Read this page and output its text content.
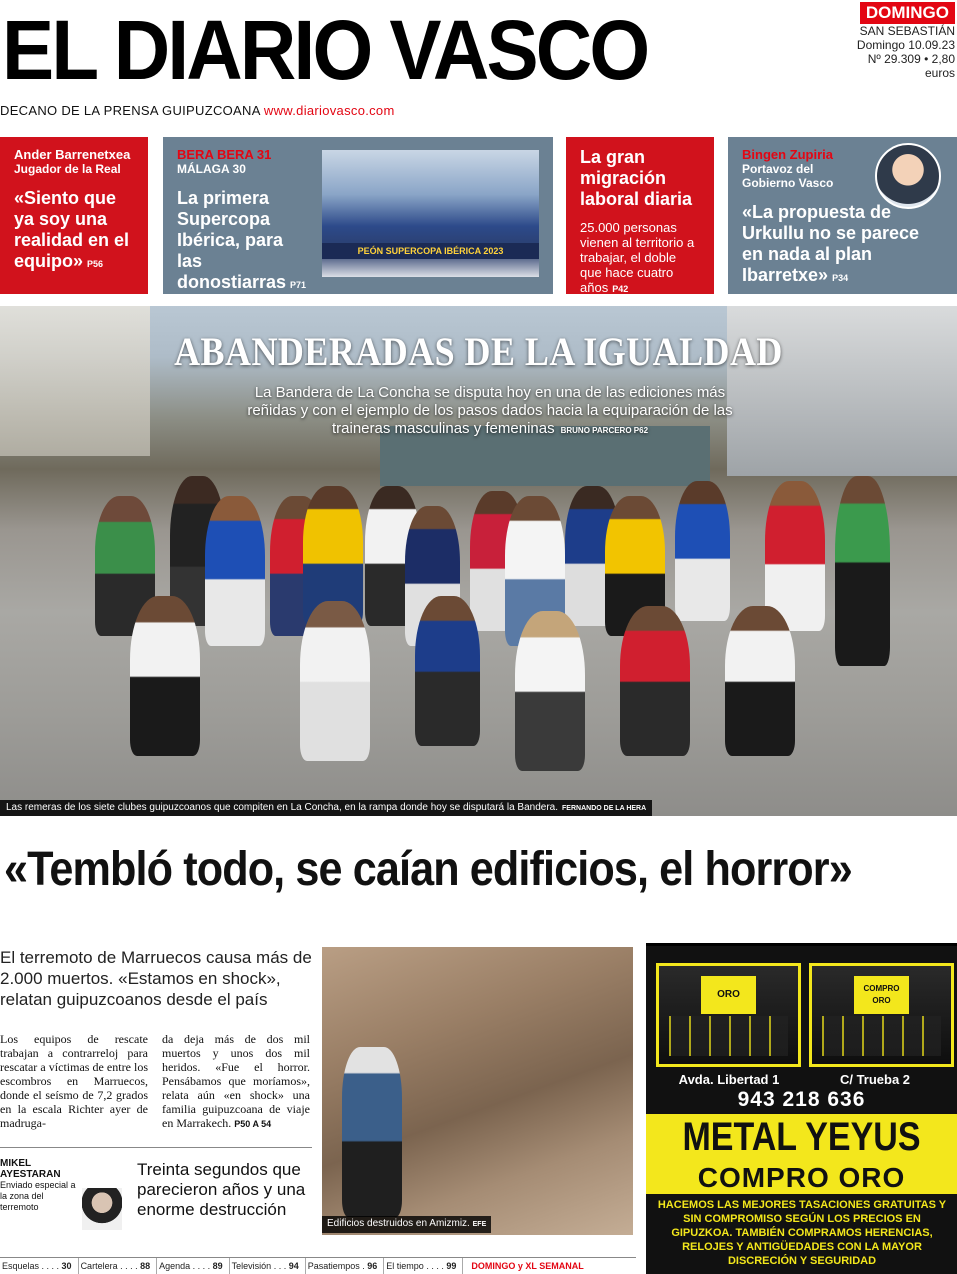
EL DIARIO VASCO	DOMINGO
SAN SEBASTIÁN
Domingo 10.09.23
Nº 29.309 • 2,80 euros
DECANO DE LA PRENSA GUIPUZCOANA www.diariovasco.com
Ander Barrenetxea
Jugador de la Real
«Siento que ya soy una realidad en el equipo» P56
BERA BERA 31
MÁLAGA 30
La primera Supercopa Ibérica, para las donostiarras P71
PEÓN SUPERCOPA IBÉRICA 2023
La gran migración laboral diaria
25.000 personas vienen al territorio a trabajar, el doble que hace cuatro años P42
Bingen Zupiria
Portavoz del Gobierno Vasco
«La propuesta de Urkullu no se parece en nada al plan Ibarretxe» P34
ABANDERADAS DE LA IGUALDAD
La Bandera de La Concha se disputa hoy en una de las ediciones más reñidas y con el ejemplo de los pasos dados hacia la equiparación de las traineras masculinas y femeninas BRUNO PARCERO P62
Las remeras de los siete clubes guipuzcoanos que compiten en La Concha, en la rampa donde hoy se disputará la Bandera. FERNANDO DE LA HERA
«Tembló todo, se caían edificios, el horror»
El terremoto de Marruecos causa más de 2.000 muertos. «Estamos en shock», relatan guipuzcoanos desde el país
Los equipos de rescate trabajan a contrarreloj para rescatar a víctimas de entre los escombros en Marruecos, donde el seísmo de 7,2 grados en la escala Richter ayer de madruga-
da deja más de dos mil muertos y unos dos mil heridos. «Fue el horror. Pensábamos que moríamos», relata aún «en shock» una familia guipuzcoana de viaje en Marrakech. P50 A 54
MIKEL
AYESTARAN
Enviado especial a la zona del terremoto
Treinta segundos que parecieron años y una enorme destrucción
Edificios destruidos en Amizmiz. EFE
ORO
COMPRO ORO
Avda. Libertad 1	C/ Trueba 2
943 218 636
METAL YEYUS
COMPRO ORO
HACEMOS LAS MEJORES TASACIONES GRATUITAS Y SIN COMPROMISO SEGÚN LOS PRECIOS EN GIPUZKOA. TAMBIÉN COMPRAMOS HERENCIAS, RELOJES Y ANTIGÜEDADES CON LA MAYOR DISCRECIÓN Y SEGURIDAD
Esquelas . . . . 30	Cartelera . . . . 88	Agenda . . . . 89	Televisión . . . 94	Pasatiempos . 96	El tiempo . . . . 99	DOMINGO y XL SEMANAL
